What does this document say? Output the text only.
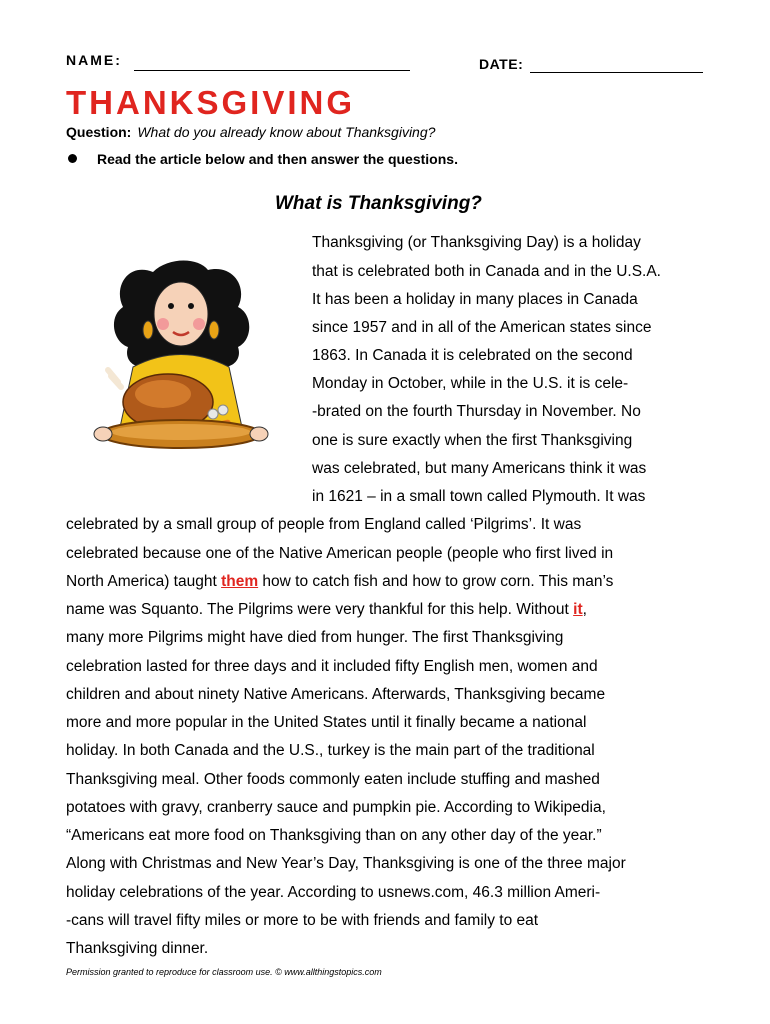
NAME:	DATE:
THANKSGIVING
Question: What do you already know about Thanksgiving?
Read the article below and then answer the questions.
What is Thanksgiving?
Thanksgiving (or Thanksgiving Day) is a holiday
that is celebrated both in Canada and in the U.S.A.
It has been a holiday in many places in Canada
since 1957 and in all of the American states since
1863. In Canada it is celebrated on the second
Monday in October, while in the U.S. it is cele-
-brated on the fourth Thursday in November. No
one is sure exactly when the first Thanksgiving
was celebrated, but many Americans think it was
in 1621 – in a small town called Plymouth. It was
celebrated by a small group of people from England called ‘Pilgrims’. It was
celebrated because one of the Native American people (people who first lived in
North America) taught them how to catch fish and how to grow corn. This man’s
name was Squanto. The Pilgrims were very thankful for this help. Without it,
many more Pilgrims might have died from hunger. The first Thanksgiving
celebration lasted for three days and it included fifty English men, women and
children and about ninety Native Americans. Afterwards, Thanksgiving became
more and more popular in the United States until it finally became a national
holiday. In both Canada and the U.S., turkey is the main part of the traditional
Thanksgiving meal. Other foods commonly eaten include stuffing and mashed
potatoes with gravy, cranberry sauce and pumpkin pie. According to Wikipedia,
“Americans eat more food on Thanksgiving than on any other day of the year.”
Along with Christmas and New Year’s Day, Thanksgiving is one of the three major
holiday celebrations of the year. According to usnews.com, 46.3 million Ameri-
-cans will travel fifty miles or more to be with friends and family to eat
Thanksgiving dinner.
Permission granted to reproduce for classroom use. © www.allthingstopics.com
